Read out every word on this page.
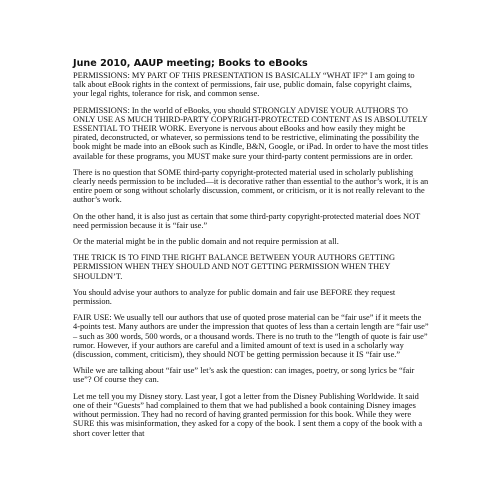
June 2010, AAUP meeting; Books to eBooks

PERMISSIONS: MY PART OF THIS PRESENTATION IS BASICALLY “WHAT IF?” I am going to talk about eBook rights in the context of permissions, fair use, public domain, false copyright claims, your legal rights, tolerance for risk, and common sense.

PERMISSIONS: In the world of eBooks, you should STRONGLY ADVISE YOUR AUTHORS TO ONLY USE AS MUCH THIRD-PARTY COPYRIGHT-PROTECTED CONTENT AS IS ABSOLUTELY ESSENTIAL TO THEIR WORK. Everyone is nervous about eBooks and how easily they might be pirated, deconstructed, or whatever, so permissions tend to be restrictive, eliminating the possibility the book might be made into an eBook such as Kindle, B&N, Google, or iPad. In order to have the most titles available for these programs, you MUST make sure your third-party content permissions are in order.

There is no question that SOME third-party copyright-protected material used in scholarly publishing clearly needs permission to be included—it is decorative rather than essential to the author’s work, it is an entire poem or song without scholarly discussion, comment, or criticism, or it is not really relevant to the author’s work.

On the other hand, it is also just as certain that some third-party copyright-protected material does NOT need permission because it is “fair use.”

Or the material might be in the public domain and not require permission at all.

THE TRICK IS TO FIND THE RIGHT BALANCE BETWEEN YOUR AUTHORS GETTING PERMISSION WHEN THEY SHOULD AND NOT GETTING PERMISSION WHEN THEY SHOULDN’T.

You should advise your authors to analyze for public domain and fair use BEFORE they request permission.

FAIR USE: We usually tell our authors that use of quoted prose material can be “fair use” if it meets the 4-points test. Many authors are under the impression that quotes of less than a certain length are “fair use” – such as 300 words, 500 words, or a thousand words. There is no truth to the “length of quote is fair use” rumor. However, if your authors are careful and a limited amount of text is used in a scholarly way (discussion, comment, criticism), they should NOT be getting permission because it IS “fair use.”

While we are talking about “fair use” let’s ask the question: can images, poetry, or song lyrics be “fair use”? Of course they can.

Let me tell you my Disney story. Last year, I got a letter from the Disney Publishing Worldwide. It said one of their “Guests” had complained to them that we had published a book containing Disney images without permission. They had no record of having granted permission for this book. While they were SURE this was misinformation, they asked for a copy of the book. I sent them a copy of the book with a short cover letter that
